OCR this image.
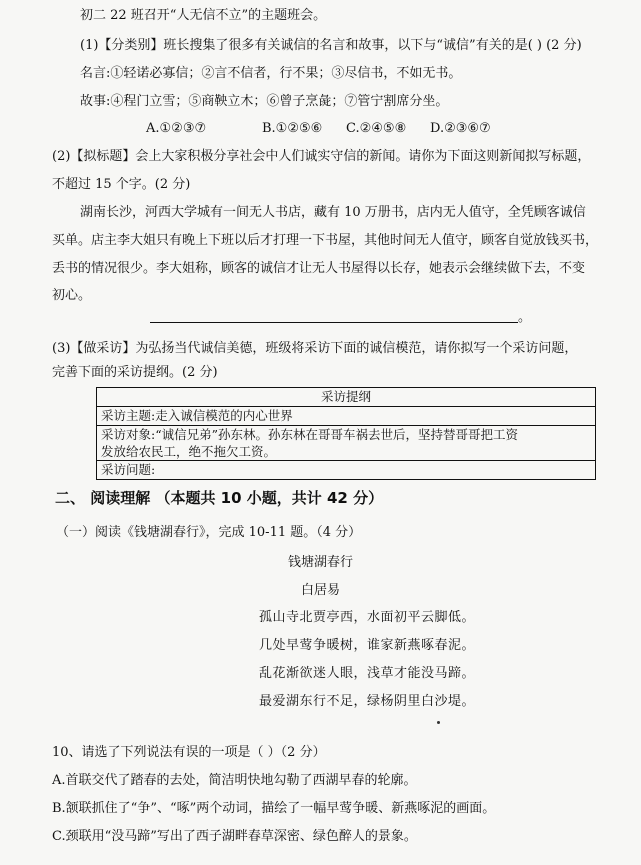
初二 22 班召开“人无信不立”的主题班会。
(1)【分类别】班长搜集了很多有关诚信的名言和故事，以下与“诚信”有关的是( ) (2 分)
名言:①轻诺必寡信；②言不信者，行不果；③尽信书，不如无书。
故事:④程门立雪；⑤商鞅立木；⑥曾子烹彘；⑦管宁割席分坐。
A.①②③⑦	B.①②⑤⑥ C.②④⑤⑧ D.②③⑥⑦
(2)【拟标题】会上大家积极分享社会中人们诚实守信的新闻。请你为下面这则新闻拟写标题，
不超过 15 个字。(2 分)
湖南长沙，河西大学城有一间无人书店，藏有 10 万册书，店内无人值守，全凭顾客诚信
买单。店主李大姐只有晚上下班以后才打理一下书屋，其他时间无人值守，顾客自觉放钱买书，
丢书的情况很少。李大姐称，顾客的诚信才让无人书屋得以长存，她表示会继续做下去，不变
初心。
。
(3)【做采访】为弘扬当代诚信美德，班级将采访下面的诚信模范，请你拟写一个采访问题，
完善下面的采访提纲。(2 分)
采访提纲
采访主题:走入诚信模范的内心世界

采访对象:“诚信兄弟”孙东林。孙东林在哥哥车祸去世后，坚持替哥哥把工资
发放给农民工，绝不拖欠工资。

采访问题:
二、 阅读理解 （本题共 10 小题，共计 42 分）
（一）阅读《钱塘湖春行》，完成 10-11 题。（4 分）
钱塘湖春行
白居易
孤山寺北贾亭西，水面初平云脚低。
几处早莺争暖树，谁家新燕啄春泥。
乱花渐欲迷人眼，浅草才能没马蹄。
最爱湖东行不足，绿杨阴里白沙堤。
10、请选了下列说法有误的一项是（ ）（2 分）
A.首联交代了踏春的去处，简洁明快地勾勒了西湖早春的轮廓。
B.颔联抓住了“争”、“啄”两个动词，描绘了一幅早莺争暖、新燕啄泥的画面。
C.颈联用“没马蹄”写出了西子湖畔春草深密、绿色醉人的景象。
